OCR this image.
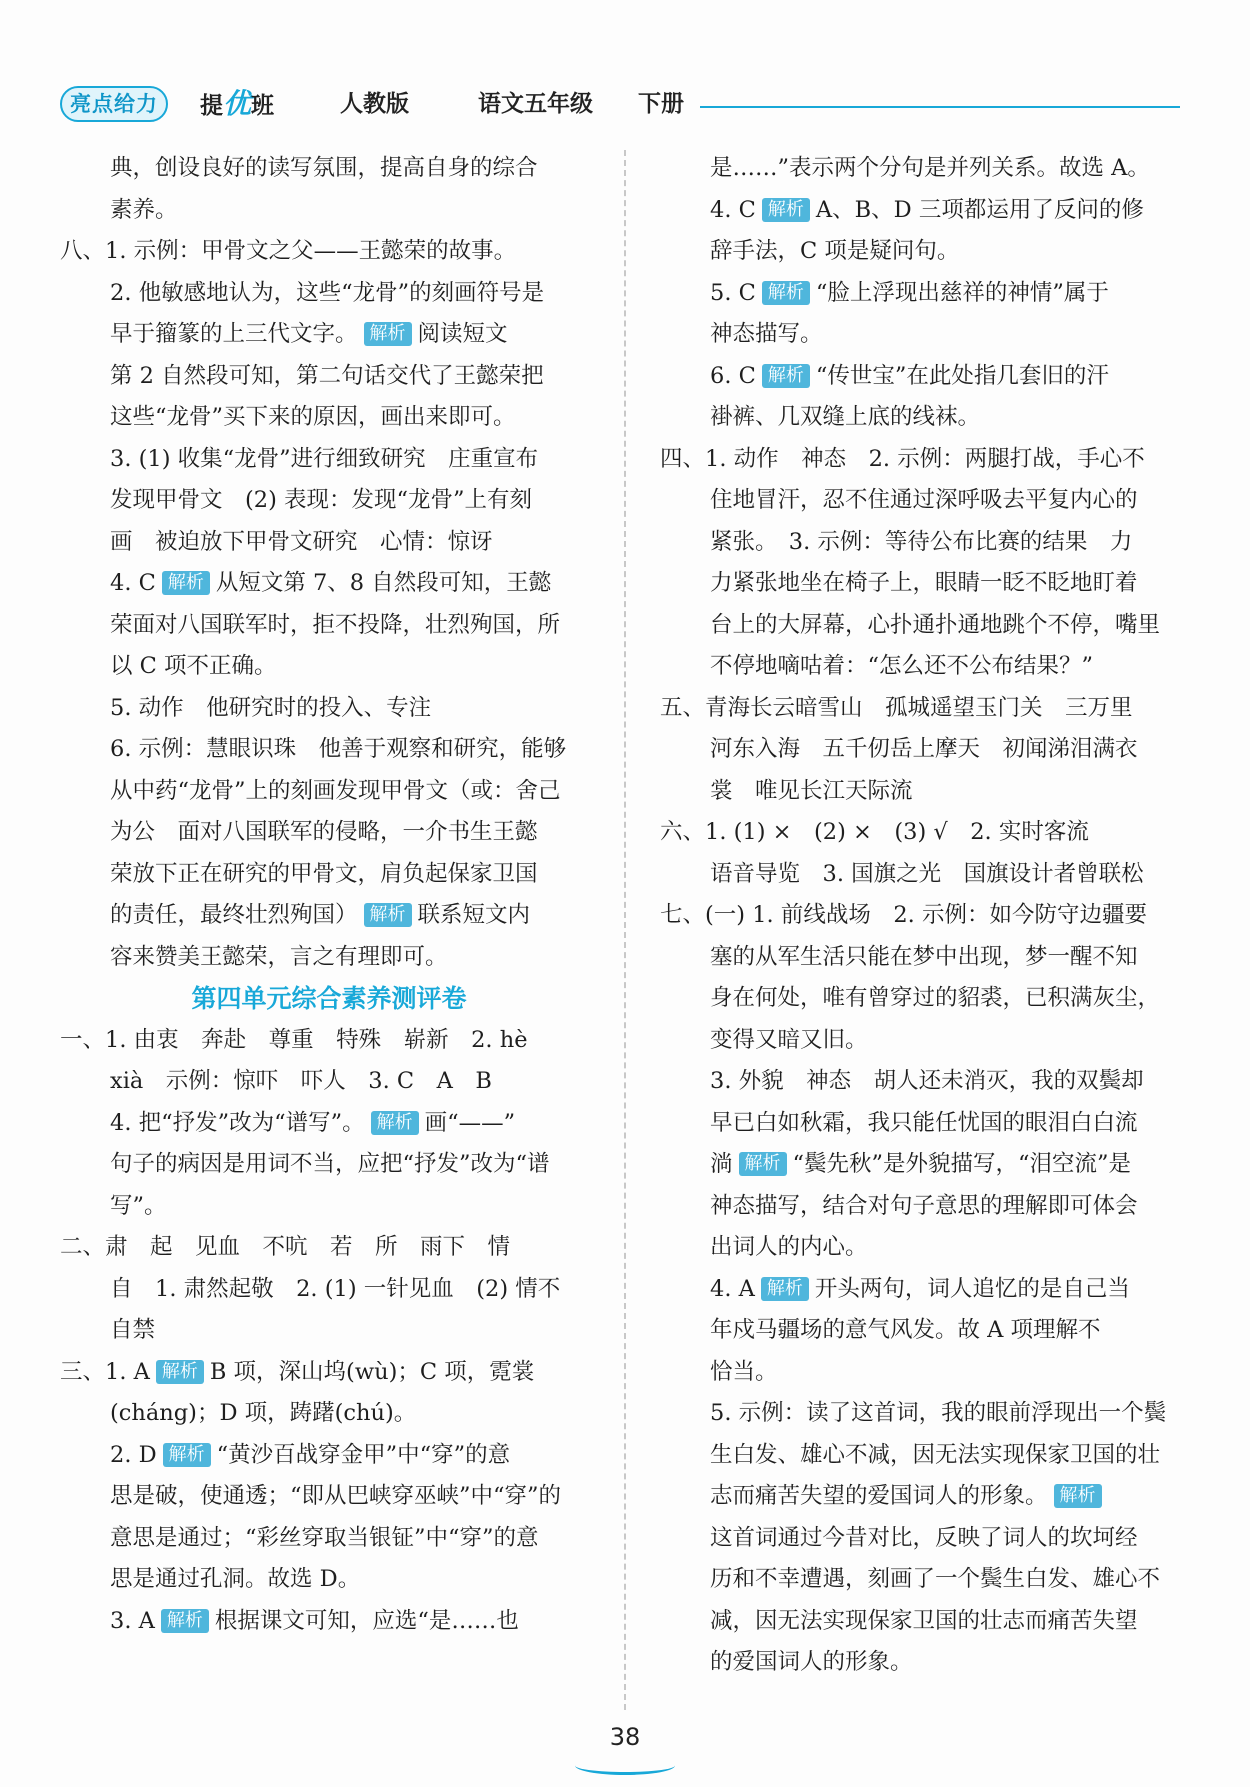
亮点给力	提优班	人教版	语文五年级 下册
典，创设良好的读写氛围，提高自身的综合
素养。
八、1. 示例：甲骨文之父——王懿荣的故事。
2. 他敏感地认为，这些“龙骨”的刻画符号是
早于籀篆的上三代文字。 解析 阅读短文
第 2 自然段可知，第二句话交代了王懿荣把
这些“龙骨”买下来的原因，画出来即可。
3. (1) 收集“龙骨”进行细致研究　庄重宣布
发现甲骨文　(2) 表现：发现“龙骨”上有刻
画　被迫放下甲骨文研究　心情：惊讶
4. C 解析 从短文第 7、8 自然段可知，王懿
荣面对八国联军时，拒不投降，壮烈殉国，所
以 C 项不正确。
5. 动作　他研究时的投入、专注
6. 示例：慧眼识珠　他善于观察和研究，能够
从中药“龙骨”上的刻画发现甲骨文（或：舍己
为公　面对八国联军的侵略，一介书生王懿
荣放下正在研究的甲骨文，肩负起保家卫国
的责任，最终壮烈殉国） 解析 联系短文内
容来赞美王懿荣，言之有理即可。
第四单元综合素养测评卷
一、1. 由衷　奔赴　尊重　特殊　崭新　2. hè
xià　示例：惊吓　吓人　3. C　A　B
4. 把“抒发”改为“谱写”。 解析 画“——”
句子的病因是用词不当，应把“抒发”改为“谱
写”。
二、肃　起　见血　不吭　若　所　雨下　情
自　1. 肃然起敬　2. (1) 一针见血　(2) 情不
自禁
三、1. A 解析 B 项，深山坞(wù)；C 项，霓裳
(cháng)；D 项，踌躇(chú)。
2. D 解析 “黄沙百战穿金甲”中“穿”的意
思是破，使通透；“即从巴峡穿巫峡”中“穿”的
意思是通过；“彩丝穿取当银钲”中“穿”的意
思是通过孔洞。故选 D。
3. A 解析 根据课文可知，应选“是……也
是……”表示两个分句是并列关系。故选 A。
4. C 解析 A、B、D 三项都运用了反问的修
辞手法，C 项是疑问句。
5. C 解析 “脸上浮现出慈祥的神情”属于
神态描写。
6. C 解析 “传世宝”在此处指几套旧的汗
褂裤、几双缝上底的线袜。
四、1. 动作　神态　2. 示例：两腿打战，手心不
住地冒汗，忍不住通过深呼吸去平复内心的
紧张。　3. 示例：等待公布比赛的结果　力
力紧张地坐在椅子上，眼睛一眨不眨地盯着
台上的大屏幕，心扑通扑通地跳个不停，嘴里
不停地嘀咕着：“怎么还不公布结果？”
五、青海长云暗雪山　孤城遥望玉门关　三万里
河东入海　五千仞岳上摩天　初闻涕泪满衣
裳　唯见长江天际流
六、1. (1) ×　(2) ×　(3) √　2. 实时客流
语音导览　3. 国旗之光　国旗设计者曾联松
七、(一) 1. 前线战场　2. 示例：如今防守边疆要
塞的从军生活只能在梦中出现，梦一醒不知
身在何处，唯有曾穿过的貂裘，已积满灰尘，
变得又暗又旧。
3. 外貌　神态　胡人还未消灭，我的双鬓却
早已白如秋霜，我只能任忧国的眼泪白白流
淌 解析 “鬓先秋”是外貌描写，“泪空流”是
神态描写，结合对句子意思的理解即可体会
出词人的内心。
4. A 解析 开头两句，词人追忆的是自己当
年戍马疆场的意气风发。故 A 项理解不
恰当。
5. 示例：读了这首词，我的眼前浮现出一个鬓
生白发、雄心不减，因无法实现保家卫国的壮
志而痛苦失望的爱国词人的形象。 解析
这首词通过今昔对比，反映了词人的坎坷经
历和不幸遭遇，刻画了一个鬓生白发、雄心不
减，因无法实现保家卫国的壮志而痛苦失望
的爱国词人的形象。
38
